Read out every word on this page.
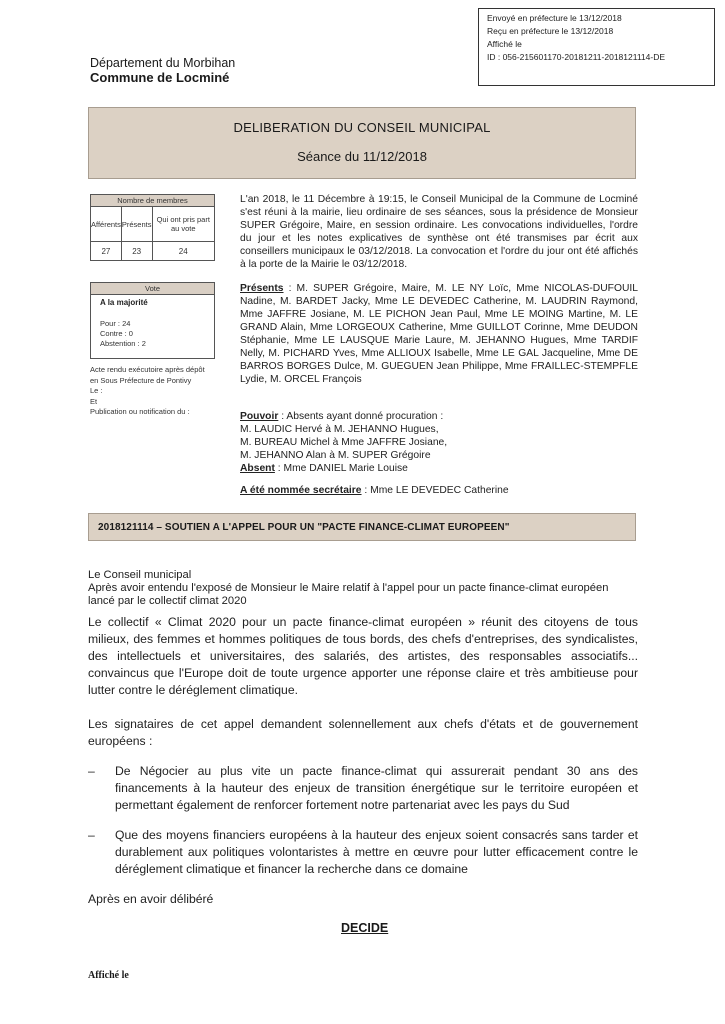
Envoyé en préfecture le 13/12/2018
Reçu en préfecture le 13/12/2018
Affiché le
ID : 056-215601170-20181211-2018121114-DE
Département du Morbihan
Commune de Locminé
DELIBERATION DU CONSEIL MUNICIPAL
Séance du 11/12/2018
Nombre de membres		
Afférents	Présents	Qui ont pris part au vote
27	23	24
Vote
A la majorité
Pour : 24
Contre : 0
Abstention : 2
Acte rendu exécutoire après dépôt
en Sous Préfecture de Pontivy
Le :
Et
Publication ou notification du :
L'an 2018, le 11 Décembre à 19:15, le Conseil Municipal de la Commune de Locminé s'est réuni à la mairie, lieu ordinaire de ses séances, sous la présidence de Monsieur SUPER Grégoire, Maire, en session ordinaire. Les convocations individuelles, l'ordre du jour et les notes explicatives de synthèse ont été transmises par écrit aux conseillers municipaux le 03/12/2018. La convocation et l'ordre du jour ont été affichés à la porte de la Mairie le 03/12/2018.
Présents : M. SUPER Grégoire, Maire, M. LE NY Loïc, Mme NICOLAS-DUFOUIL Nadine, M. BARDET Jacky, Mme LE DEVEDEC Catherine, M. LAUDRIN Raymond, Mme JAFFRE Josiane, M. LE PICHON Jean Paul, Mme LE MOING Martine, M. LE GRAND Alain, Mme LORGEOUX Catherine, Mme GUILLOT Corinne, Mme DEUDON Stéphanie, Mme LE LAUSQUE Marie Laure, M. JEHANNO Hugues, Mme TARDIF Nelly, M. PICHARD Yves, Mme ALLIOUX Isabelle, Mme LE GAL Jacqueline, Mme DE BARROS BORGES Dulce, M. GUEGUEN Jean Philippe, Mme FRAILLEC-STEMPFLE Lydie, M. ORCEL François
Pouvoir : Absents ayant donné procuration :
M. LAUDIC Hervé à M. JEHANNO Hugues,
M. BUREAU Michel à Mme JAFFRE Josiane,
M. JEHANNO Alan à M. SUPER Grégoire
Absent : Mme DANIEL Marie Louise
A été nommée secrétaire : Mme LE DEVEDEC Catherine
2018121114 – SOUTIEN A L'APPEL POUR UN "PACTE FINANCE-CLIMAT EUROPEEN"
Le Conseil municipal
Après avoir entendu l'exposé de Monsieur le Maire relatif à l'appel pour un pacte finance-climat européen lancé par le collectif climat 2020
Le collectif « Climat 2020 pour un pacte finance-climat européen » réunit des citoyens de tous milieux, des femmes et hommes politiques de tous bords, des chefs d'entreprises, des syndicalistes, des intellectuels et universitaires, des salariés, des artistes, des responsables associatifs... convaincus que l'Europe doit de toute urgence apporter une réponse claire et très ambitieuse pour lutter contre le déréglement climatique.
Les signataires de cet appel demandent solennellement aux chefs d'états et de gouvernement européens :
–	De Négocier au plus vite un pacte finance-climat qui assurerait pendant 30 ans des financements à la hauteur des enjeux de transition énergétique sur le territoire européen et permettant également de renforcer fortement notre partenariat avec les pays du Sud
–	Que des moyens financiers européens à la hauteur des enjeux soient consacrés sans tarder et durablement aux politiques volontaristes à mettre en œuvre pour lutter efficacement contre le déréglement climatique et financer la recherche dans ce domaine
Après en avoir délibéré
DECIDE
Affiché le
